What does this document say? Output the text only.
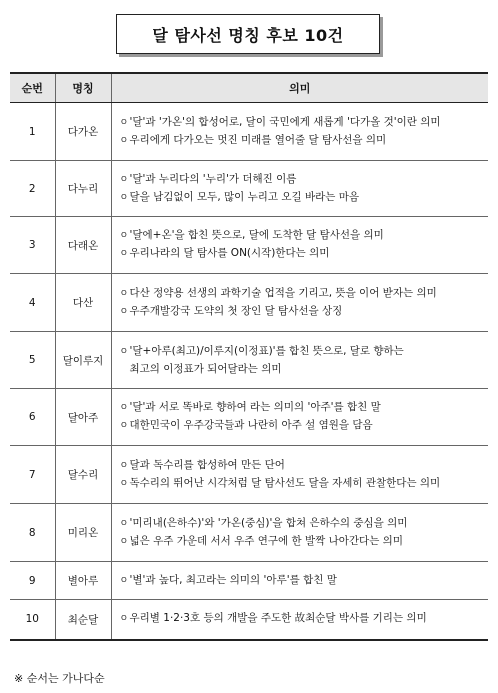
달 탐사선 명칭 후보 10건
순번	명칭	의미
1	다가온	ㅇ'달'과 '가온'의 합성어로, 달이 국민에게 새롭게 '다가올 것'이란 의미
ㅇ우리에게 다가오는 멋진 미래를 열어줄 달 탐사선을 의미

2	다누리	ㅇ'달'과 누리다의 '누리'가 더해진 이름
ㅇ달을 남김없이 모두, 많이 누리고 오길 바라는 마음

3	다래온	ㅇ'달에+온'을 합친 뜻으로, 달에 도착한 달 탐사선을 의미
ㅇ우리나라의 달 탐사를 ON(시작)한다는 의미

4	다산	ㅇ다산 정약용 선생의 과학기술 업적을 기리고, 뜻을 이어 받자는 의미
ㅇ우주개발강국 도약의 첫 장인 달 탐사선을 상징

5	달이루지	ㅇ'달+아루(최고)/이루지(이정표)'를 합친 뜻으로, 달로 향하는
최고의 이정표가 되어달라는 의미

6	달아주	ㅇ'달'과 서로 똑바로 향하여 라는 의미의 '아주'를 합친 말
ㅇ대한민국이 우주강국들과 나란히 아주 설 염원을 담음

7	달수리	ㅇ달과 독수리를 합성하여 만든 단어
ㅇ독수리의 뛰어난 시각처럼 달 탐사선도 달을 자세히 관찰한다는 의미

8	미리온	ㅇ'미리내(은하수)'와 '가온(중심)'을 합쳐 은하수의 중심을 의미
ㅇ넓은 우주 가운데 서서 우주 연구에 한 발짝 나아간다는 의미

9	별아루	ㅇ'별'과 높다, 최고라는 의미의 '아루'를 합친 말

10	최순달	ㅇ우리별 1·2·3호 등의 개발을 주도한 故최순달 박사를 기리는 의미
※ 순서는 가나다순
